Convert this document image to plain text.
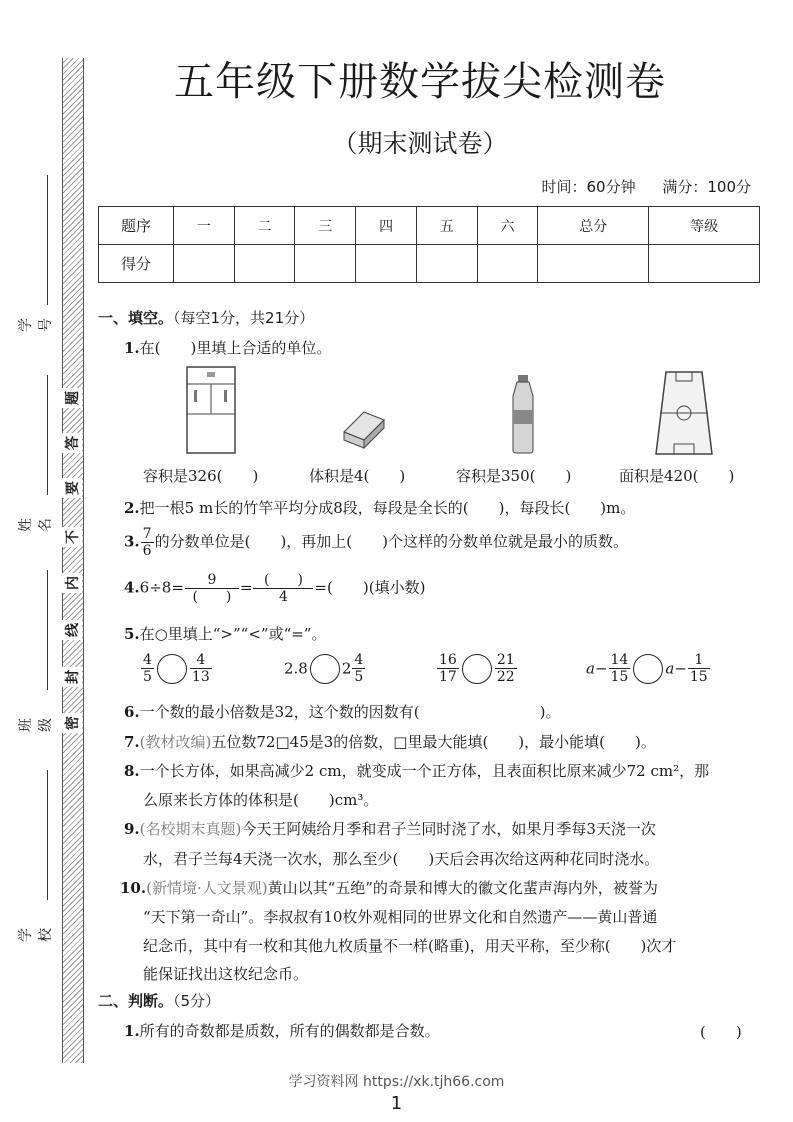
学号
姓名
班级
学校
题
答
要
不
内
线
封
密
五年级下册数学拔尖检测卷
（期末测试卷）
时间：60分钟 满分：100分
题序	一	二	三	四	五	六	总分	等级
得分								
一、填空。（每空1分，共21分）
1.在(　　)里填上合适的单位。
容积是326(　　)	体积是4(　　)	容积是350(　　)	面积是420(　　)
2.把一根5 m长的竹竿平均分成8段，每段是全长的(　　)，每段长(　　)m。
3. $\frac{7}{6}$ 的分数单位是(　　)，再加上(　　)个这样的分数单位就是最小的质数。
$4.6\div 8= \frac{9}{( )} = \frac{( )}{4}$ =(　　)(填小数)
5.在○里填上“>”“<”或“=”。
$\frac{4}{5}$	$\frac{4}{13}$	2.8 $2 \frac{4}{5}$	$\frac{16}{17}$	$\frac{21}{22}$	$a- \frac{14}{15} a- \frac{1}{15}$
6.一个数的最小倍数是32，这个数的因数有(　　　　　　　　)。
7.(教材改编)五位数72□45是3的倍数，□里最大能填(　　)，最小能填(　　)。
8.一个长方体，如果高减少2 cm，就变成一个正方体，且表面积比原来减少72 cm²，那
么原来长方体的体积是(　　)cm³。
9.(名校期末真题)今天王阿姨给月季和君子兰同时浇了水，如果月季每3天浇一次
水，君子兰每4天浇一次水，那么至少(　　)天后会再次给这两种花同时浇水。
10.(新情境·人文景观)黄山以其“五绝”的奇景和博大的徽文化蜚声海内外，被誉为
“天下第一奇山”。李叔叔有10枚外观相同的世界文化和自然遗产——黄山普通
纪念币，其中有一枚和其他九枚质量不一样(略重)，用天平称，至少称(　　)次才
能保证找出这枚纪念币。
二、判断。（5分）
1.所有的奇数都是质数，所有的偶数都是合数。	(　　)
学习资料网 https://xk.tjh66.com
1
